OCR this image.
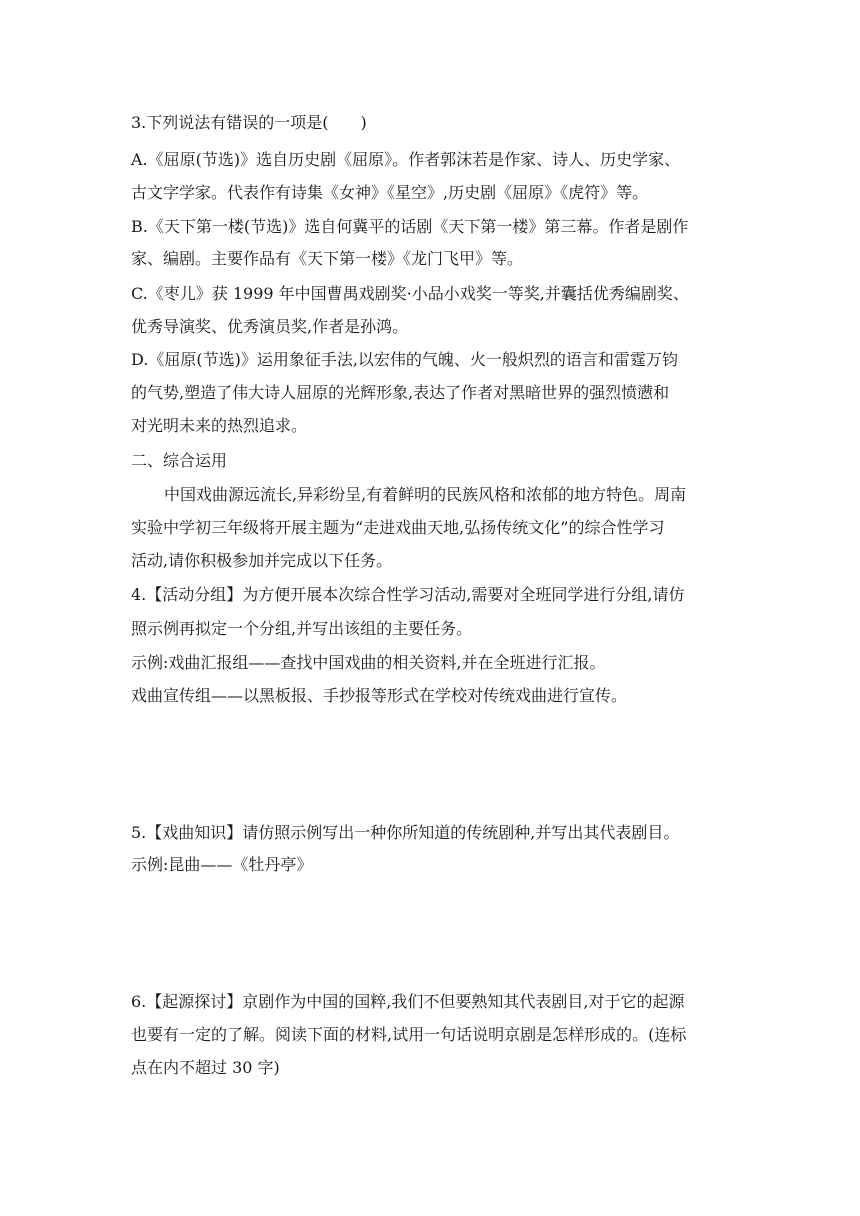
3.下列说法有错误的一项是(　　)
A.《屈原(节选)》选自历史剧《屈原》。作者郭沫若是作家、诗人、历史学家、
古文字学家。代表作有诗集《女神》《星空》,历史剧《屈原》《虎符》等。
B.《天下第一楼(节选)》选自何冀平的话剧《天下第一楼》第三幕。作者是剧作
家、编剧。主要作品有《天下第一楼》《龙门飞甲》等。
C.《枣儿》获 1999 年中国曹禺戏剧奖·小品小戏奖一等奖,并囊括优秀编剧奖、
优秀导演奖、优秀演员奖,作者是孙鸿。
D.《屈原(节选)》运用象征手法,以宏伟的气魄、火一般炽烈的语言和雷霆万钧
的气势,塑造了伟大诗人屈原的光辉形象,表达了作者对黑暗世界的强烈愤懑和
对光明未来的热烈追求。
二、综合运用
中国戏曲源远流长,异彩纷呈,有着鲜明的民族风格和浓郁的地方特色。周南
实验中学初三年级将开展主题为“走进戏曲天地,弘扬传统文化”的综合性学习
活动,请你积极参加并完成以下任务。
4.【活动分组】为方便开展本次综合性学习活动,需要对全班同学进行分组,请仿
照示例再拟定一个分组,并写出该组的主要任务。
示例:戏曲汇报组——查找中国戏曲的相关资料,并在全班进行汇报。
戏曲宣传组——以黑板报、手抄报等形式在学校对传统戏曲进行宣传。
5.【戏曲知识】请仿照示例写出一种你所知道的传统剧种,并写出其代表剧目。
示例:昆曲——《牡丹亭》
6.【起源探讨】京剧作为中国的国粹,我们不但要熟知其代表剧目,对于它的起源
也要有一定的了解。阅读下面的材料,试用一句话说明京剧是怎样形成的。(连标
点在内不超过 30 字)
